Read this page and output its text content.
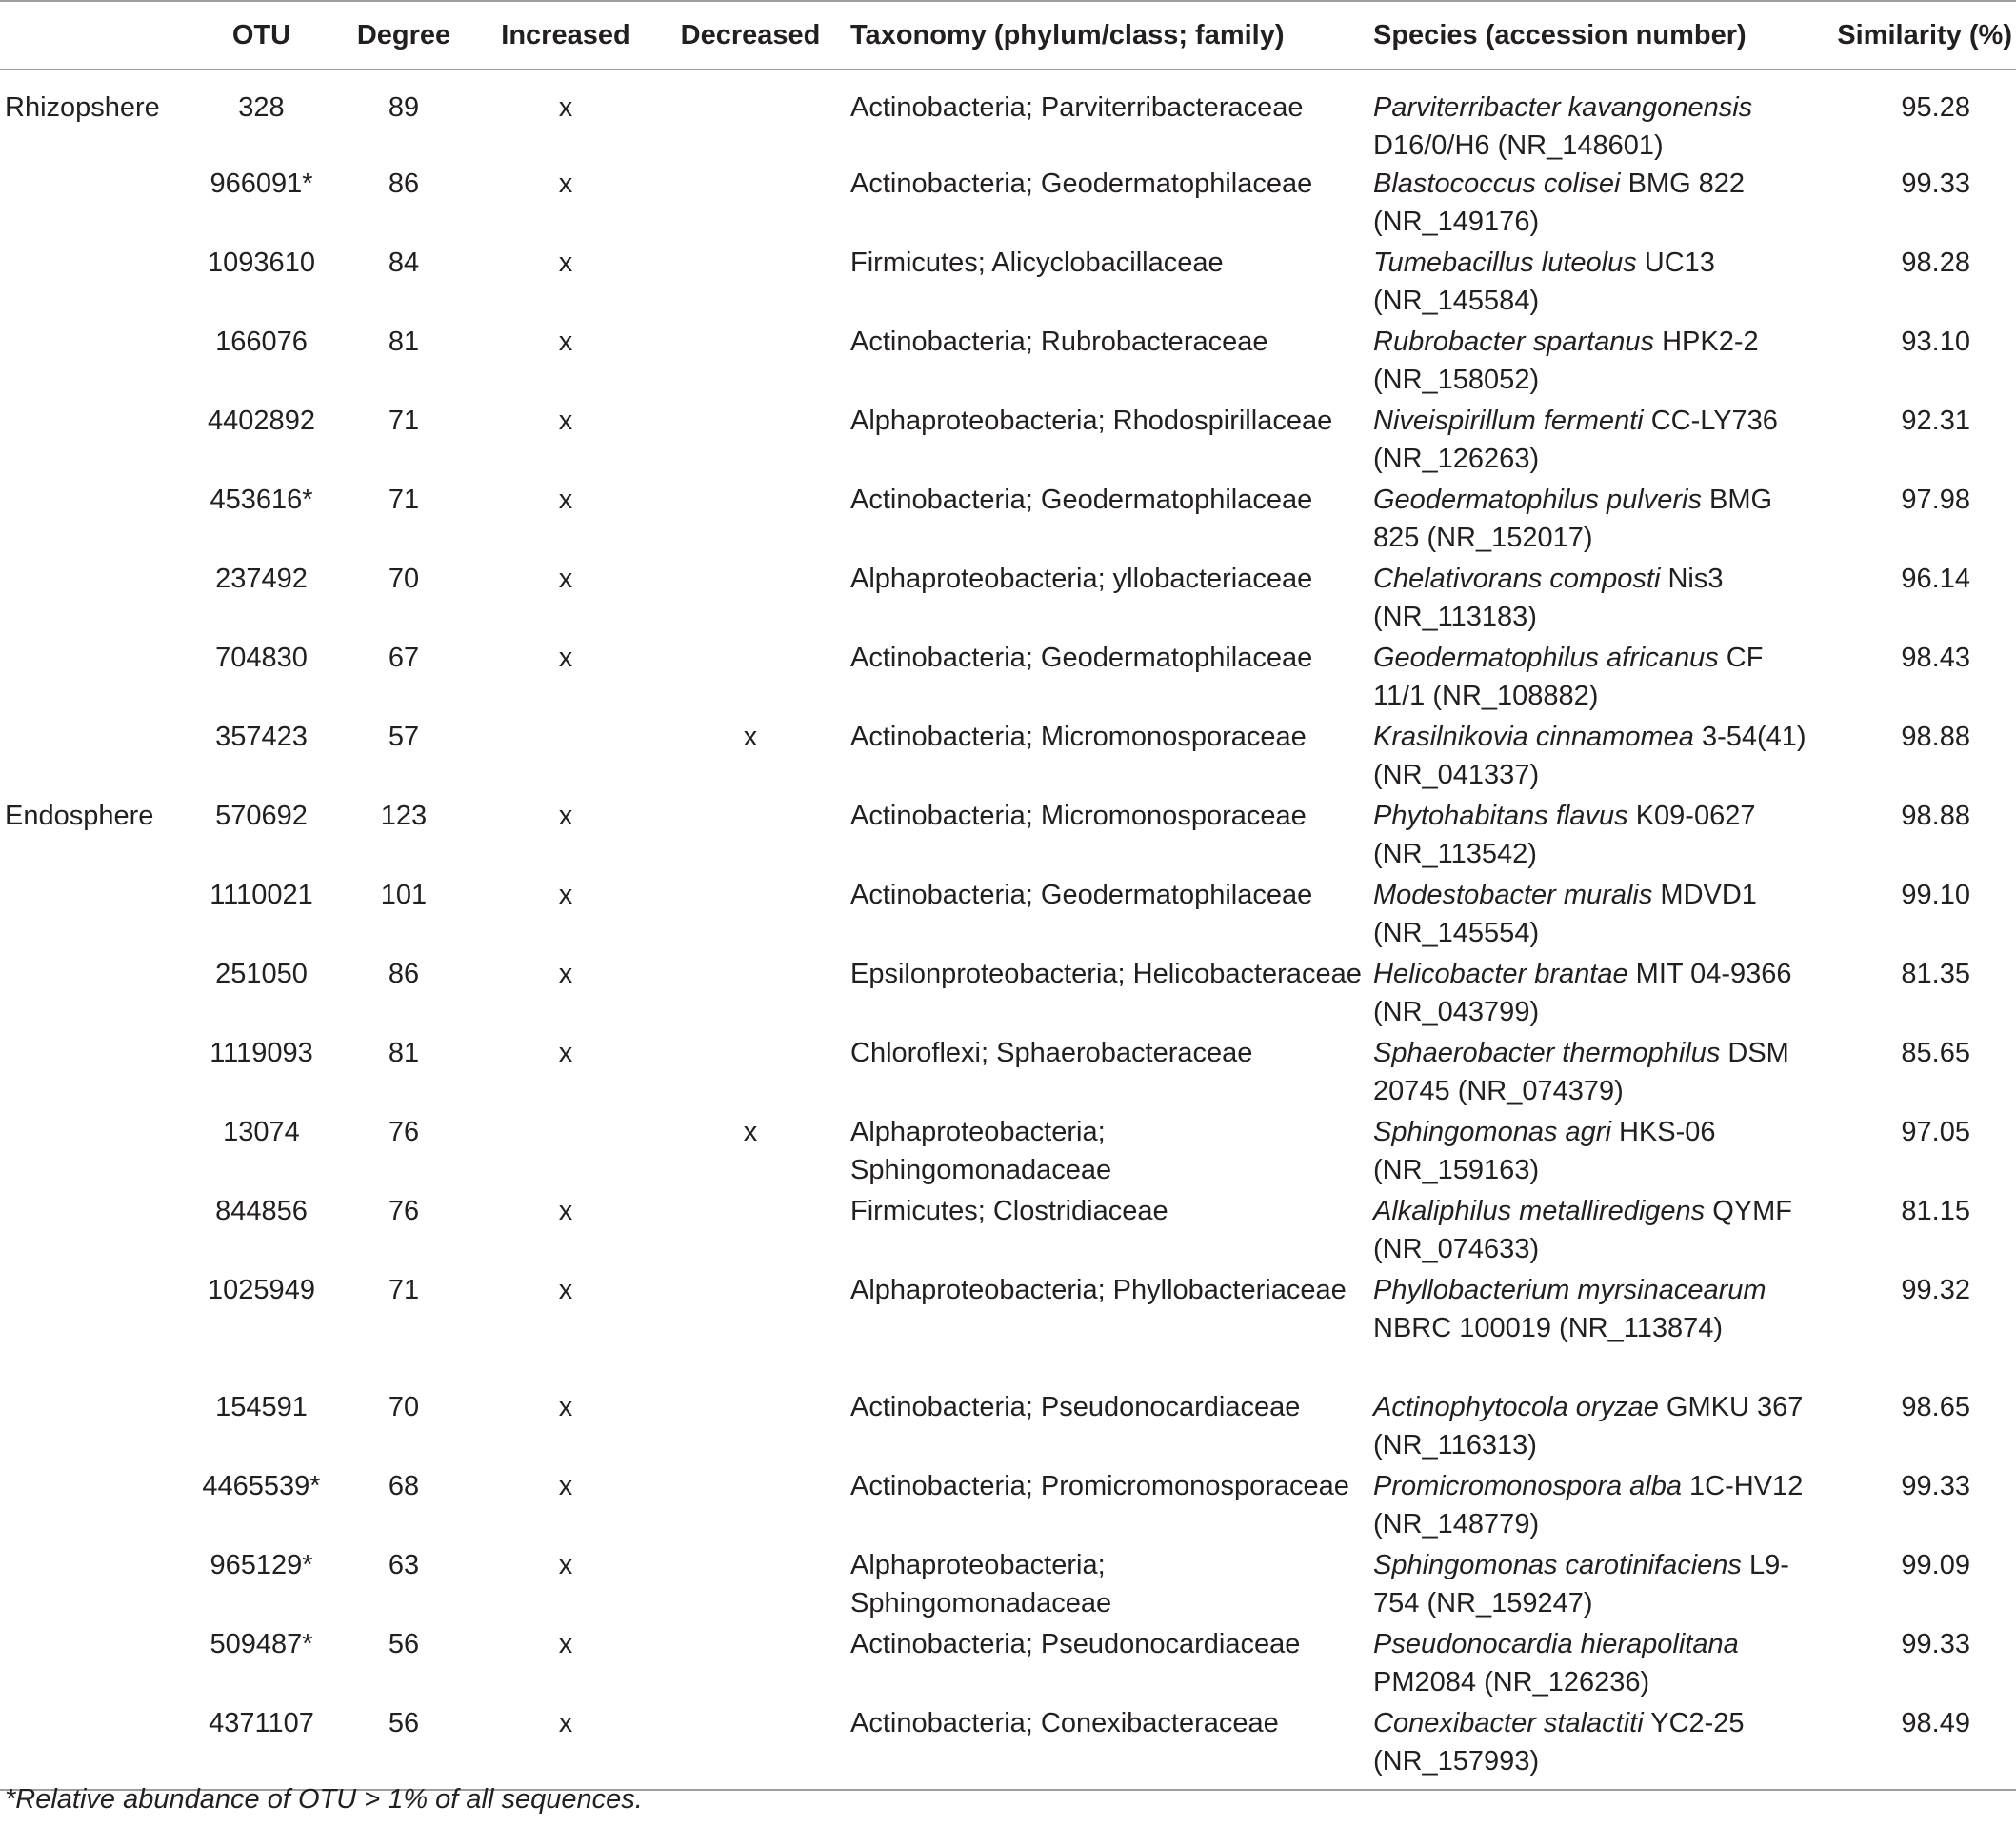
	OTU	Degree	Increased	Decreased	Taxonomy (phylum/class; family)	Species (accession number)	Similarity (%)
Rhizopshere	328	89	x		Actinobacteria; Parviterribacteraceae	Parviterribacter kavangonensis D16/0/H6 (NR_148601)	95.28
	966091*	86	x		Actinobacteria; Geodermatophilaceae	Blastococcus colisei BMG 822 (NR_149176)	99.33
	1093610	84	x		Firmicutes; Alicyclobacillaceae	Tumebacillus luteolus UC13 (NR_145584)	98.28
	166076	81	x		Actinobacteria; Rubrobacteraceae	Rubrobacter spartanus HPK2-2 (NR_158052)	93.10
	4402892	71	x		Alphaproteobacteria; Rhodospirillaceae	Niveispirillum fermenti CC-LY736 (NR_126263)	92.31
	453616*	71	x		Actinobacteria; Geodermatophilaceae	Geodermatophilus pulveris BMG 825 (NR_152017)	97.98
	237492	70	x		Alphaproteobacteria; yllobacteriaceae	Chelativorans composti Nis3 (NR_113183)	96.14
	704830	67	x		Actinobacteria; Geodermatophilaceae	Geodermatophilus africanus CF 11/1 (NR_108882)	98.43
	357423	57		x	Actinobacteria; Micromonosporaceae	Krasilnikovia cinnamomea 3-54(41) (NR_041337)	98.88
Endosphere	570692	123	x		Actinobacteria; Micromonosporaceae	Phytohabitans flavus K09-0627 (NR_113542)	98.88
	1110021	101	x		Actinobacteria; Geodermatophilaceae	Modestobacter muralis MDVD1 (NR_145554)	99.10
	251050	86	x		Epsilonproteobacteria; Helicobacteraceae	Helicobacter brantae MIT 04-9366 (NR_043799)	81.35
	1119093	81	x		Chloroflexi; Sphaerobacteraceae	Sphaerobacter thermophilus DSM 20745 (NR_074379)	85.65
	13074	76		x	Alphaproteobacteria; Sphingomonadaceae	Sphingomonas agri HKS-06 (NR_159163)	97.05
	844856	76	x		Firmicutes; Clostridiaceae	Alkaliphilus metalliredigens QYMF (NR_074633)	81.15
	1025949	71	x		Alphaproteobacteria; Phyllobacteriaceae	Phyllobacterium myrsinacearum NBRC 100019 (NR_113874)	99.32
	154591	70	x		Actinobacteria; Pseudonocardiaceae	Actinophytocola oryzae GMKU 367 (NR_116313)	98.65
	4465539*	68	x		Actinobacteria; Promicromonosporaceae	Promicromonospora alba 1C-HV12 (NR_148779)	99.33
	965129*	63	x		Alphaproteobacteria; Sphingomonadaceae	Sphingomonas carotinifaciens L9-754 (NR_159247)	99.09
	509487*	56	x		Actinobacteria; Pseudonocardiaceae	Pseudonocardia hierapolitana PM2084 (NR_126236)	99.33
	4371107	56	x		Actinobacteria; Conexibacteraceae	Conexibacter stalactiti YC2-25 (NR_157993)	98.49
*Relative abundance of OTU > 1% of all sequences.
